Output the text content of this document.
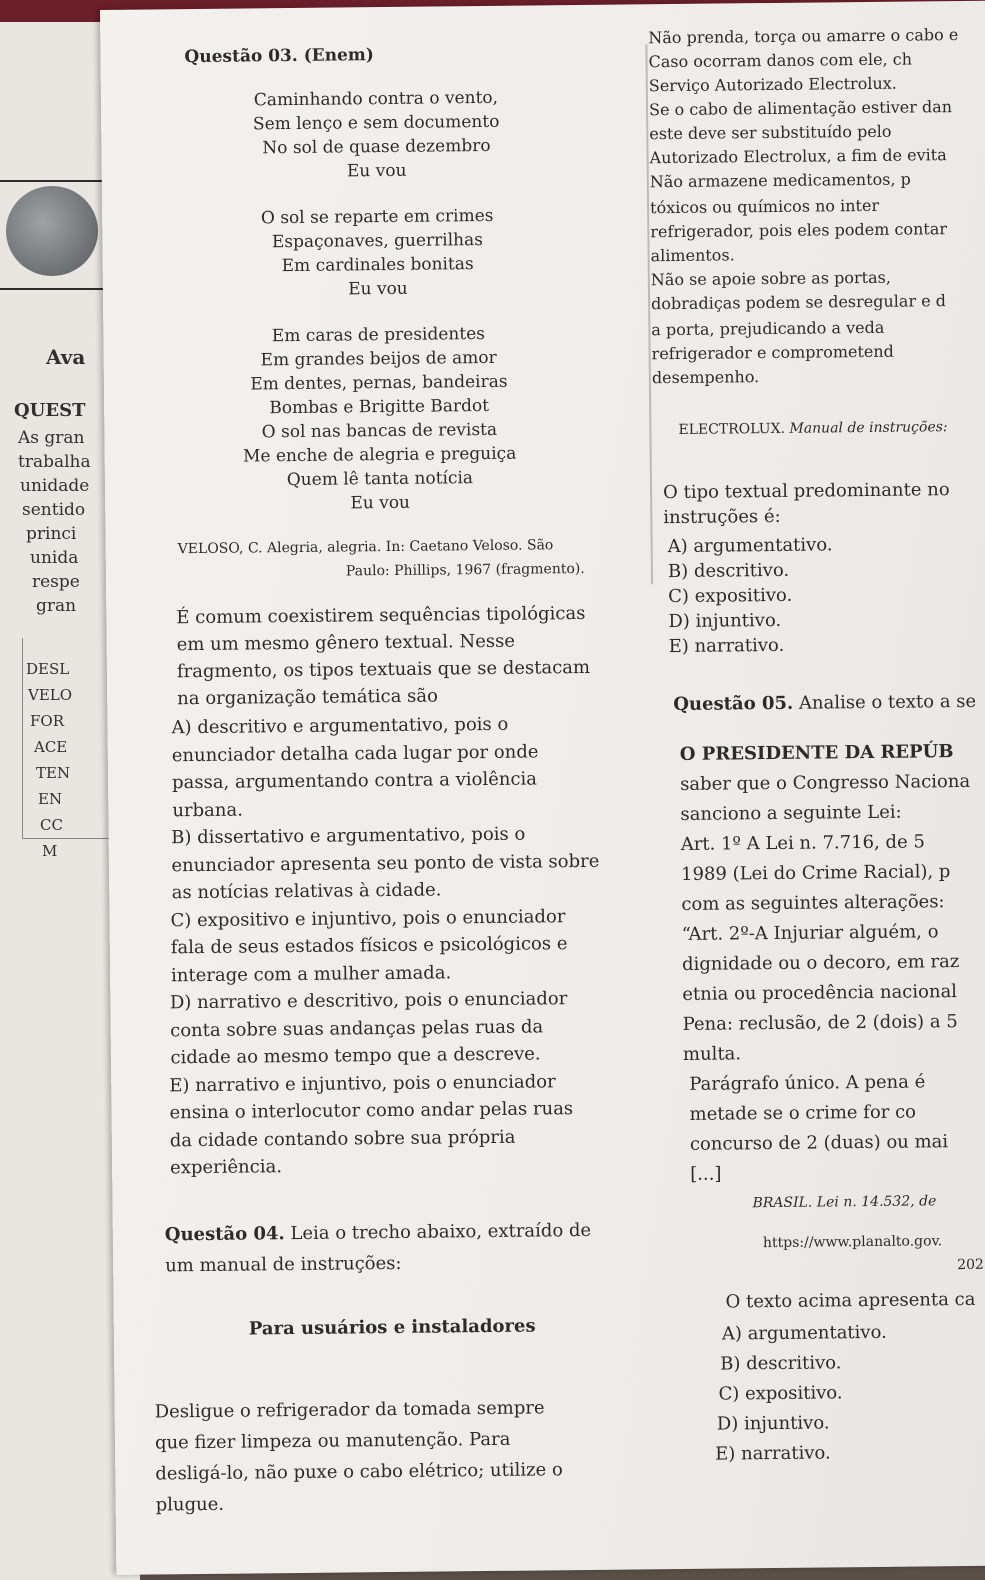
Ava
QUEST
As gran
trabalha
unidade
sentido
princi
unida
respe
gran
DESL
VELO
FOR
ACE
TEN
EN
CC
M
Questão 03. (Enem)
Caminhando contra o vento,
Sem lenço e sem documento
No sol de quase dezembro
Eu vou
O sol se reparte em crimes
Espaçonaves, guerrilhas
Em cardinales bonitas
Eu vou
Em caras de presidentes
Em grandes beijos de amor
Em dentes, pernas, bandeiras
Bombas e Brigitte Bardot
O sol nas bancas de revista
Me enche de alegria e preguiça
Quem lê tanta notícia
Eu vou
VELOSO, C. Alegria, alegria. In: Caetano Veloso. São
Paulo: Phillips, 1967 (fragmento).
É comum coexistirem sequências tipológicas
em um mesmo gênero textual. Nesse
fragmento, os tipos textuais que se destacam
na organização temática são
A) descritivo e argumentativo, pois o
enunciador detalha cada lugar por onde
passa, argumentando contra a violência
urbana.
B) dissertativo e argumentativo, pois o
enunciador apresenta seu ponto de vista sobre
as notícias relativas à cidade.
C) expositivo e injuntivo, pois o enunciador
fala de seus estados físicos e psicológicos e
interage com a mulher amada.
D) narrativo e descritivo, pois o enunciador
conta sobre suas andanças pelas ruas da
cidade ao mesmo tempo que a descreve.
E) narrativo e injuntivo, pois o enunciador
ensina o interlocutor como andar pelas ruas
da cidade contando sobre sua própria
experiência.
Questão 04. Leia o trecho abaixo, extraído de
um manual de instruções:
Para usuários e instaladores
Desligue o refrigerador da tomada sempre
que fizer limpeza ou manutenção. Para
desligá-lo, não puxe o cabo elétrico; utilize o
plugue.
Não prenda, torça ou amarre o cabo e
Caso ocorram danos com ele, ch
Serviço Autorizado Electrolux.
Se o cabo de alimentação estiver dan
este deve ser substituído pelo
Autorizado Electrolux, a fim de evita
Não armazene medicamentos, p
tóxicos ou químicos no inter
refrigerador, pois eles podem contar
alimentos.
Não se apoie sobre as portas,
dobradiças podem se desregular e d
a porta, prejudicando a veda
refrigerador e comprometend
desempenho.
ELECTROLUX. Manual de instruções:
O tipo textual predominante no
instruções é:
A) argumentativo.
B) descritivo.
C) expositivo.
D) injuntivo.
E) narrativo.
Questão 05. Analise o texto a se
O PRESIDENTE DA REPÚB
saber que o Congresso Naciona
sanciono a seguinte Lei:
Art. 1º A Lei n. 7.716, de 5
1989 (Lei do Crime Racial), p
com as seguintes alterações:
“Art. 2º-A Injuriar alguém, o
dignidade ou o decoro, em raz
etnia ou procedência nacional
Pena: reclusão, de 2 (dois) a 5
multa.
Parágrafo único. A pena é
metade se o crime for co
concurso de 2 (duas) ou mai
[...]
BRASIL. Lei n. 14.532, de
https://www.planalto.gov.
202
O texto acima apresenta ca
A) argumentativo.
B) descritivo.
C) expositivo.
D) injuntivo.
E) narrativo.
